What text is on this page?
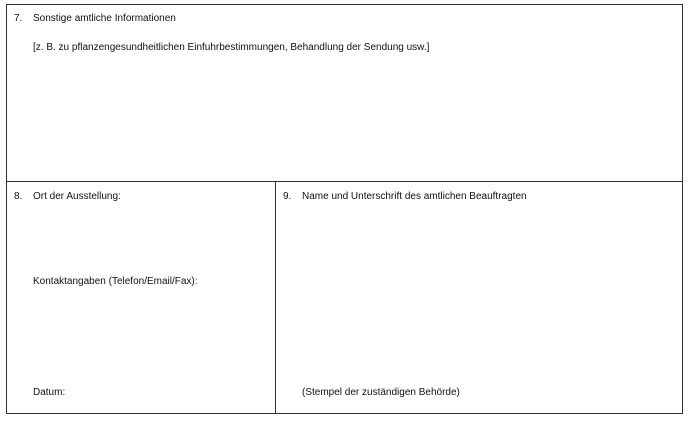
7. Sonstige amtliche Informationen
[z. B. zu pflanzengesundheitlichen Einfuhrbestimmungen, Behandlung der Sendung usw.]
8. Ort der Ausstellung:
Kontaktangaben (Telefon/Email/Fax):
Datum:
9. Name und Unterschrift des amtlichen Beauftragten
(Stempel der zuständigen Behörde)
